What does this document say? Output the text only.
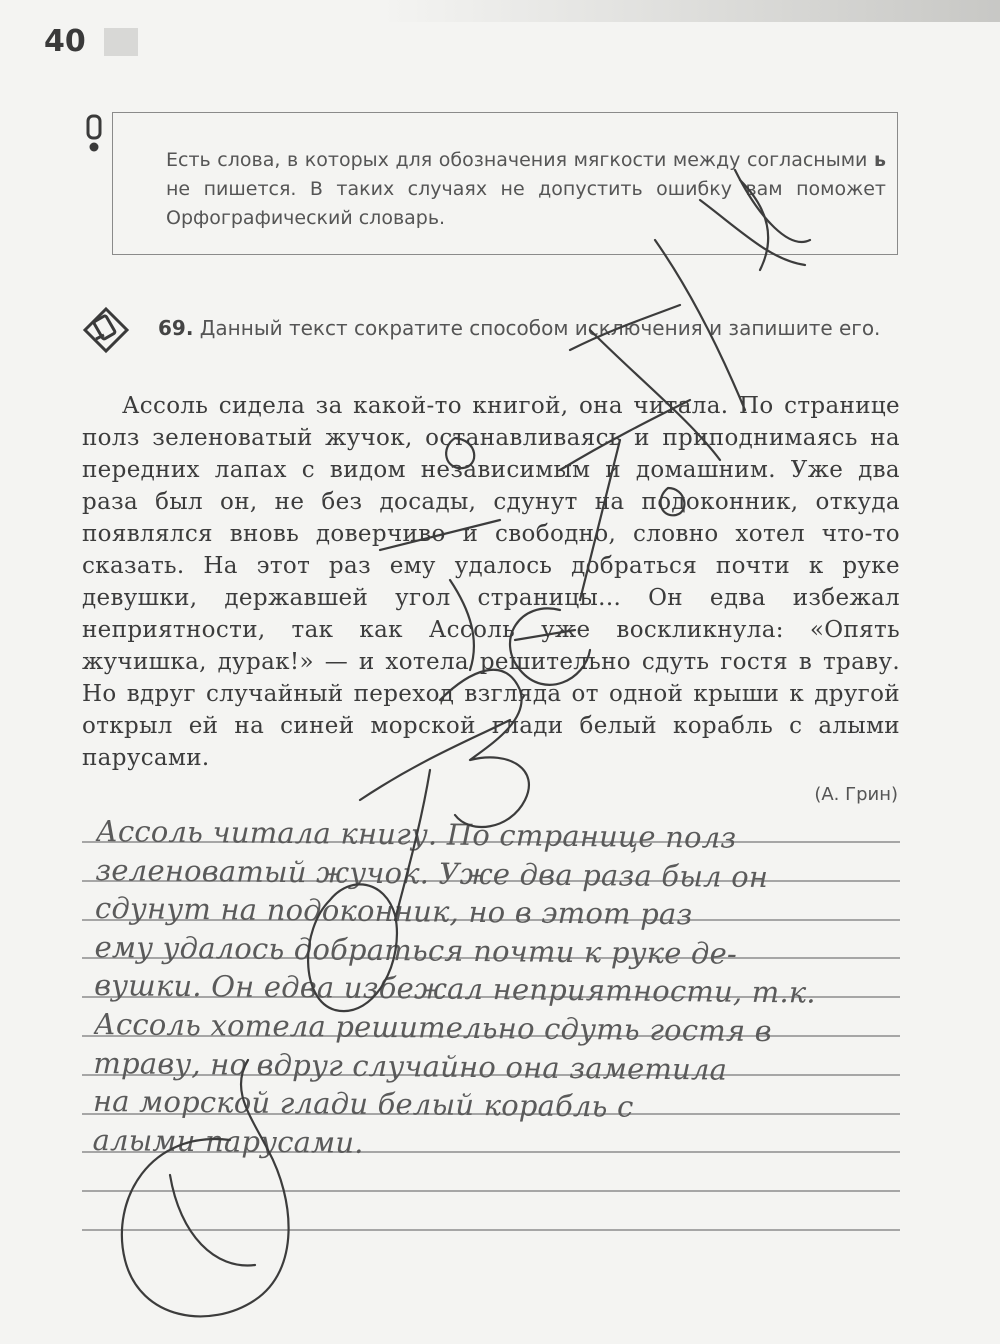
40

Есть слова, в которых для обозначения мягкости между согласными ь не пишется. В таких случаях не допустить ошибку вам поможет Орфографический словарь.

69. Данный текст сократите способом исключения и запишите его.

Ассоль сидела за какой-то книгой, она читала. По странице полз зеленоватый жучок, останавливаясь и приподнимаясь на передних лапах с видом независимым и домашним. Уже два раза был он, не без досады, сдунут на подоконник, откуда появлялся вновь доверчиво и свободно, словно хотел что-то сказать. На этот раз ему удалось добраться почти к руке девушки, державшей угол страницы... Он едва избежал неприятности, так как Ассоль уже воскликнула: «Опять жучишка, дурак!» — и хотела решительно сдуть гостя в траву. Но вдруг случайный переход взгляда от одной крыши к другой открыл ей на синей морской глади белый корабль с алыми парусами.

(А. Грин)
Ассоль читала книгу. По странице полз
зеленоватый жучок. Уже два раза был он
сдунут на подоконник, но в этот раз
ему удалось добраться почти к руке де-
вушки. Он едва избежал неприятности, т.к.
Ассоль хотела решительно сдуть гостя в
траву, но вдруг случайно она заметила
на морской глади белый корабль с
алыми парусами.
